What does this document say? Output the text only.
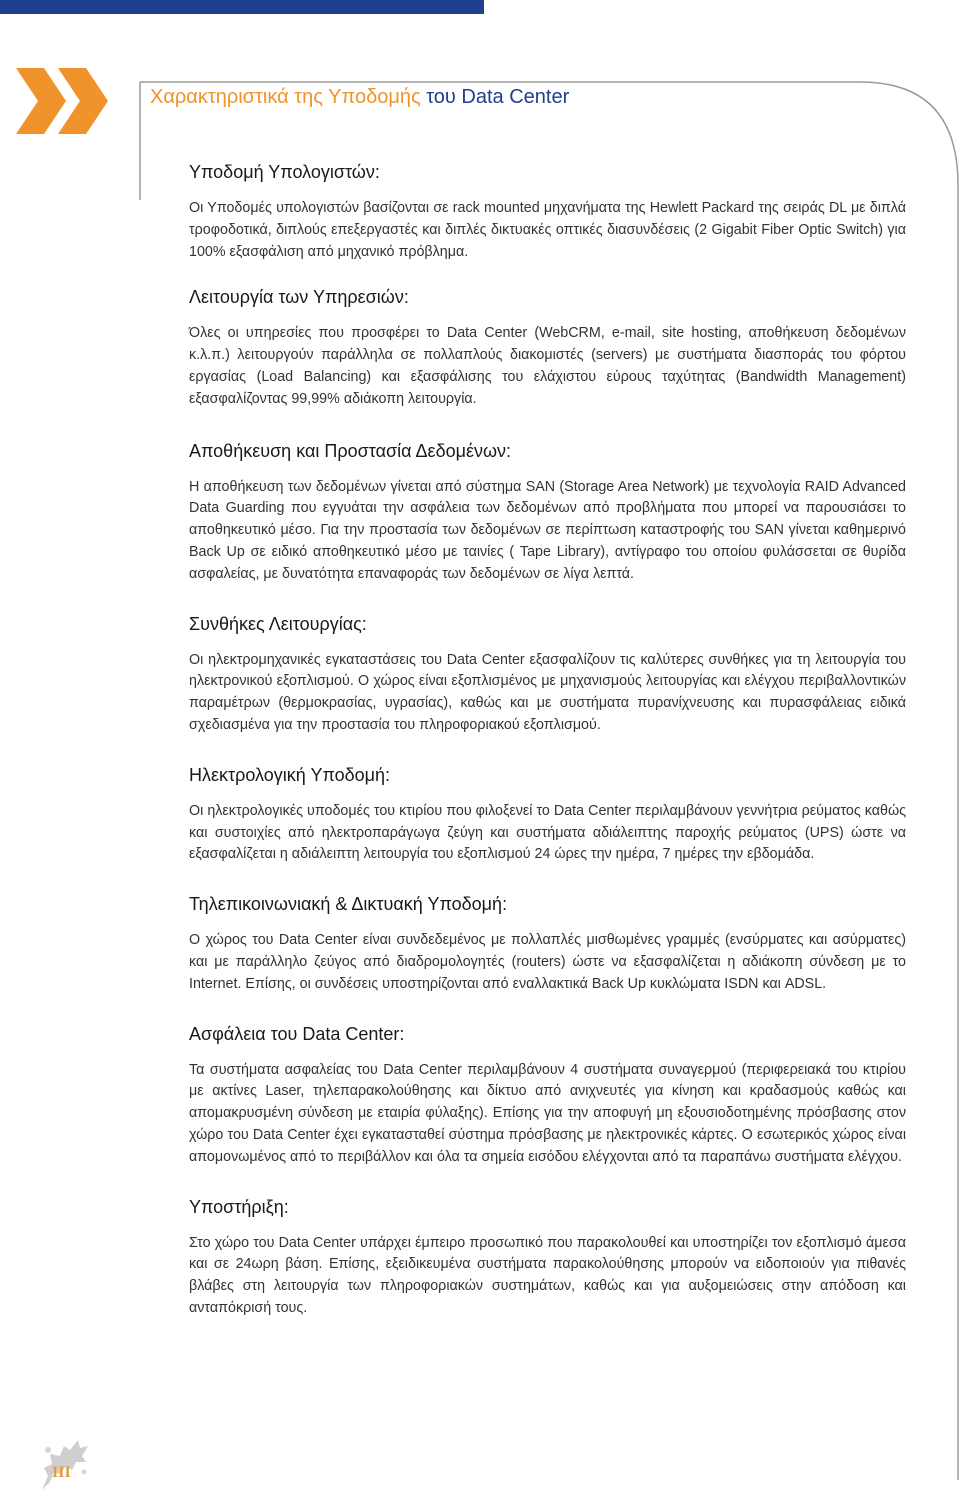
Χαρακτηριστικά της Υποδομής του Data Center
Υποδομή Υπολογιστών:

Οι Υποδομές υπολογιστών βασίζονται σε rack mounted μηχανήματα της Hewlett Packard της σειράς DL με διπλά τροφοδοτικά, διπλούς επεξεργαστές και διπλές δικτυακές οπτικές διασυνδέσεις (2 Gigabit Fiber Optic Switch) για 100% εξασφάλιση από μηχανικό πρόβλημα.

Λειτουργία των Υπηρεσιών:

Όλες οι υπηρεσίες που προσφέρει το Data Center (WebCRM, e-mail, site hosting, αποθήκευση δεδομένων κ.λ.π.) λειτουργούν παράλληλα σε πολλαπλούς διακομιστές (servers) με συστήματα διασποράς του φόρτου εργασίας (Load Balancing) και εξασφάλισης του ελάχιστου εύρους ταχύτητας (Bandwidth Management) εξασφαλίζοντας 99,99% αδιάκοπη λειτουργία.

Αποθήκευση και Προστασία Δεδομένων:

Η αποθήκευση των δεδομένων γίνεται από σύστημα SAN (Storage Area Network) με τεχνολογία RAID Advanced Data Guarding που εγγυάται την ασφάλεια των δεδομένων από προβλήματα που μπορεί να παρουσιάσει το αποθηκευτικό μέσο. Για την προστασία των δεδομένων σε περίπτωση καταστροφής του SAN γίνεται καθημερινό Back Up σε ειδικό αποθηκευτικό μέσο με ταινίες ( Tape Library), αντίγραφο του οποίου φυλάσσεται σε θυρίδα ασφαλείας, με δυνατότητα επαναφοράς των δεδομένων σε λίγα λεπτά.

Συνθήκες Λειτουργίας:

Οι ηλεκτρομηχανικές εγκαταστάσεις του Data Center εξασφαλίζουν τις καλύτερες συνθήκες για τη λειτουργία του ηλεκτρονικού εξοπλισμού. Ο χώρος είναι εξοπλισμένος με μηχανισμούς λειτουργίας και ελέγχου περιβαλλοντικών παραμέτρων (θερμοκρασίας, υγρασίας), καθώς και με συστήματα πυρανίχνευσης και πυρασφάλειας ειδικά σχεδιασμένα για την προστασία του πληροφοριακού εξοπλισμού.

Ηλεκτρολογική Υποδομή:

Οι ηλεκτρολογικές υποδομές του κτιρίου που φιλοξενεί το Data Center περιλαμβάνουν γεννήτρια ρεύματος καθώς και συστοιχίες από ηλεκτροπαράγωγα ζεύγη και συστήματα αδιάλειπτης παροχής ρεύματος (UPS) ώστε να εξασφαλίζεται η αδιάλειπτη λειτουργία του εξοπλισμού 24 ώρες την ημέρα, 7 ημέρες την εβδομάδα.

Τηλεπικοινωνιακή & Δικτυακή Υποδομή:

Ο χώρος του Data Center είναι συνδεδεμένος με πολλαπλές μισθωμένες γραμμές (ενσύρματες και ασύρματες) και με παράλληλο ζεύγος από διαδρομολογητές (routers) ώστε να εξασφαλίζεται η αδιάκοπη σύνδεση με το Internet. Επίσης, οι συνδέσεις υποστηρίζονται από εναλλακτικά Back Up κυκλώματα ISDN και ADSL.

Ασφάλεια του Data Center:

Τα συστήματα ασφαλείας του Data Center περιλαμβάνουν 4 συστήματα συναγερμού (περιφερειακά του κτιρίου με ακτίνες Laser, τηλεπαρακολούθησης και δίκτυο από ανιχνευτές για κίνηση και κραδασμούς καθώς και απομακρυσμένη σύνδεση με εταιρία φύλαξης). Επίσης για την αποφυγή μη εξουσιοδοτημένης πρόσβασης στον χώρο του Data Center έχει εγκατασταθεί σύστημα πρόσβασης με ηλεκτρονικές κάρτες. Ο εσωτερικός χώρος είναι απομονωμένος από το περιβάλλον και όλα τα σημεία εισόδου ελέγχονται από τα παραπάνω συστήματα ελέγχου.

Υποστήριξη:

Στο χώρο του Data Center υπάρχει έμπειρο προσωπικό που παρακολουθεί και υποστηρίζει τον εξοπλισμό άμεσα και σε 24ωρη βάση. Επίσης, εξειδικευμένα συστήματα παρακολούθησης μπορούν να ειδοποιούν για πιθανές βλάβες στη λειτουργία των πληροφοριακών συστημάτων, καθώς και για αυξομειώσεις στην απόδοση και ανταπόκρισή τους.

III
